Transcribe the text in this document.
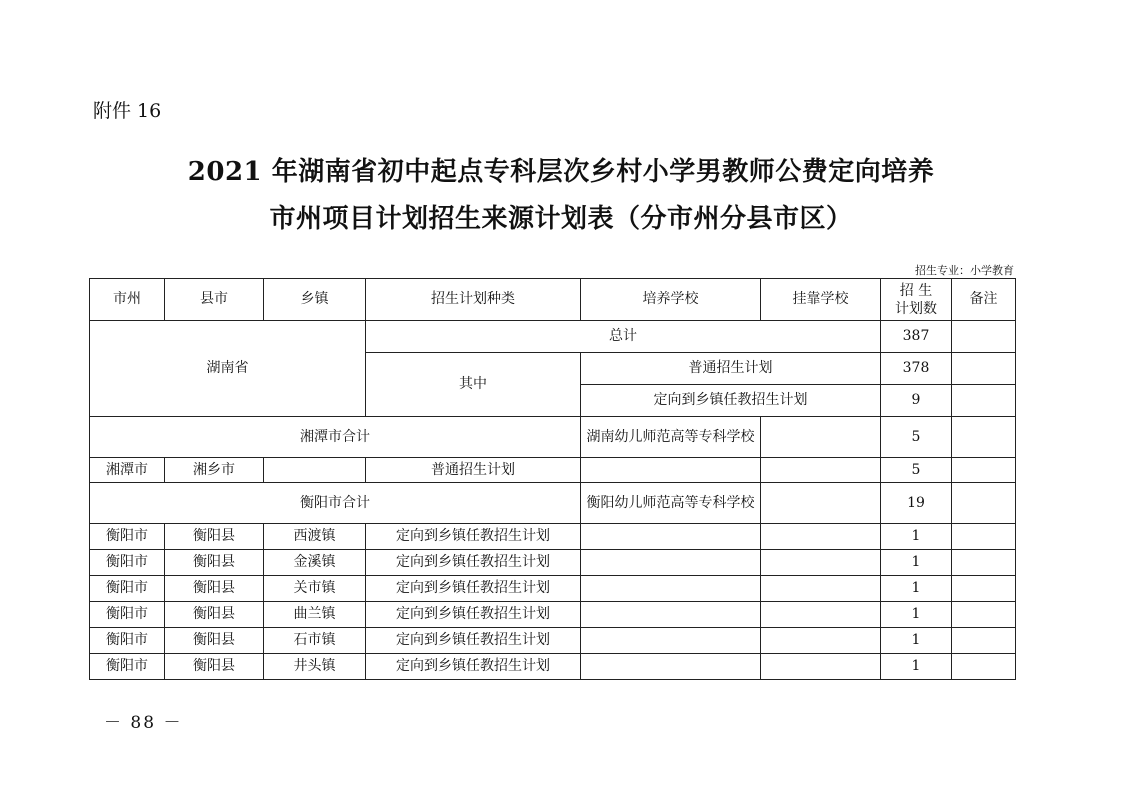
附件 16
2021 年湖南省初中起点专科层次乡村小学男教师公费定向培养
市州项目计划招生来源计划表（分市州分县市区）
招生专业：小学教育
市州	县市	乡镇	招生计划种类	培养学校	挂靠学校	招 生
计划数	备注
湖南省			总计			387	
			其中	普通招生计划		378	
				定向到乡镇任教招生计划		9	
湘潭市合计				湖南幼儿师范高等专科学校		5	
湘潭市	湘乡市		普通招生计划			5	
衡阳市合计				衡阳幼儿师范高等专科学校		19	
衡阳市	衡阳县	西渡镇	定向到乡镇任教招生计划			1	
衡阳市	衡阳县	金溪镇	定向到乡镇任教招生计划			1	
衡阳市	衡阳县	关市镇	定向到乡镇任教招生计划			1	
衡阳市	衡阳县	曲兰镇	定向到乡镇任教招生计划			1	
衡阳市	衡阳县	石市镇	定向到乡镇任教招生计划			1	
衡阳市	衡阳县	井头镇	定向到乡镇任教招生计划			1	
－ 88 －
